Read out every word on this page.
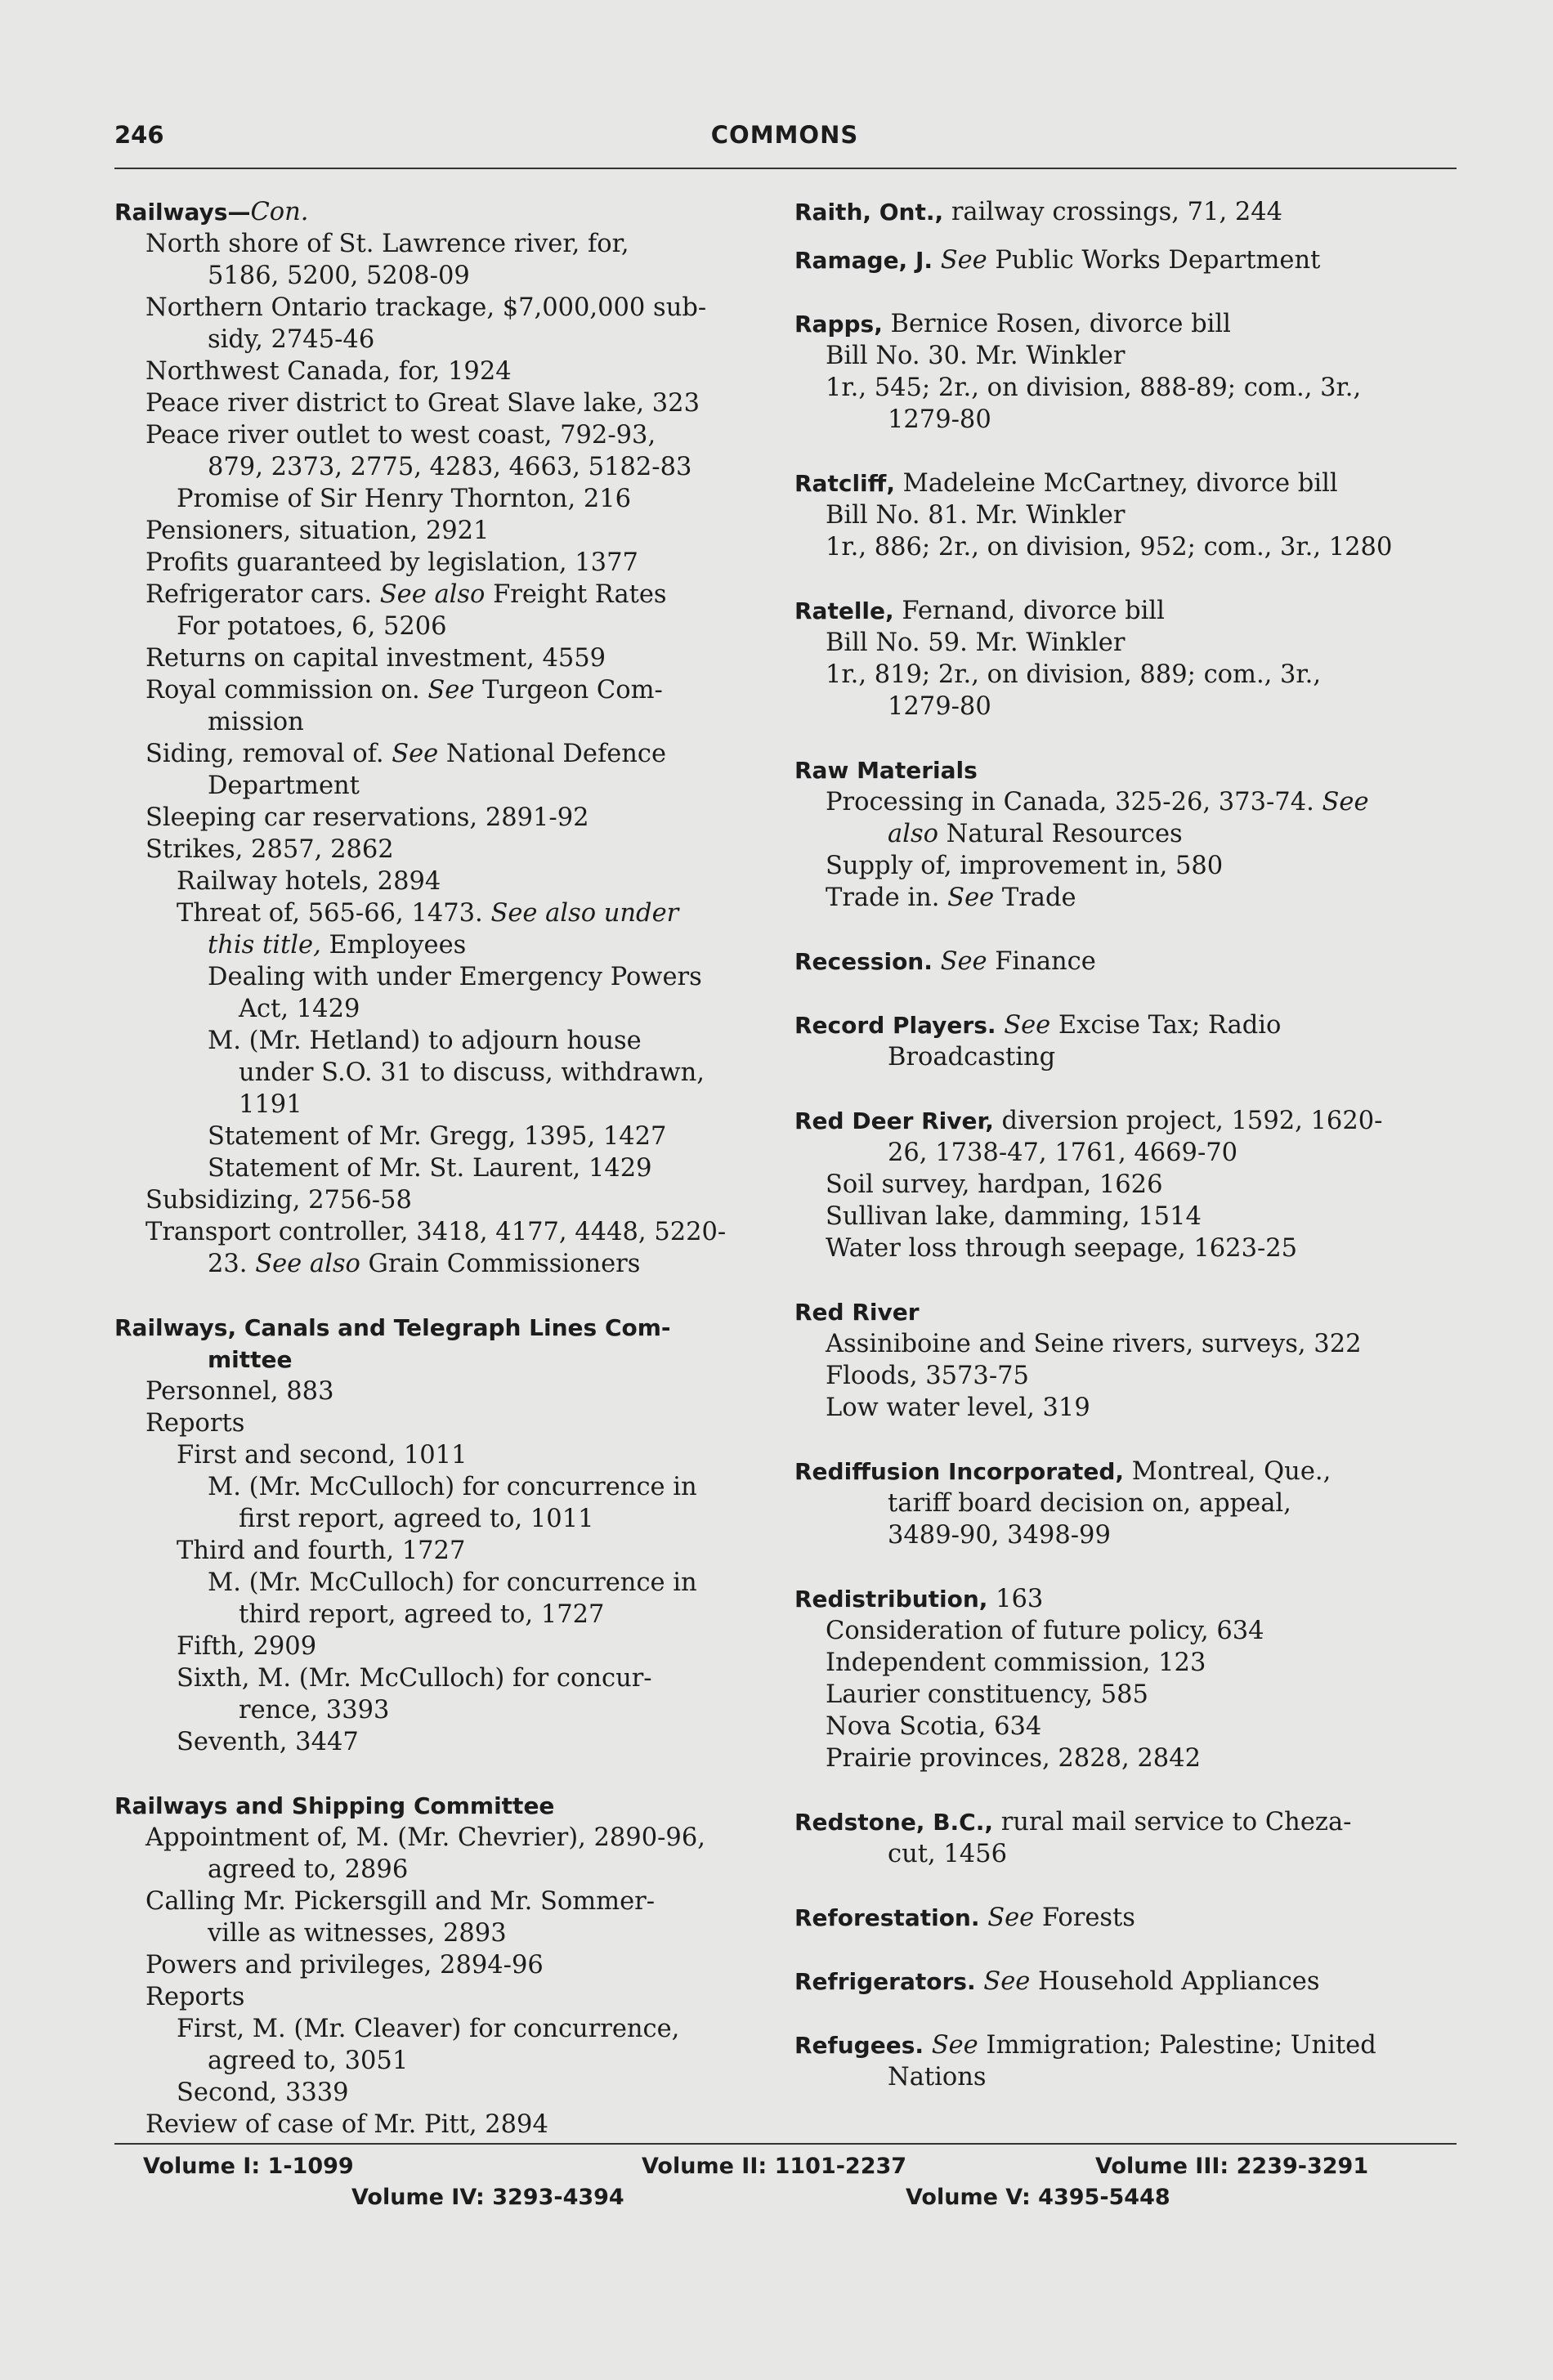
246	COMMONS
Railways—Con.
North shore of St. Lawrence river, for,
5186, 5200, 5208-09
Northern Ontario trackage, $7,000,000 sub-
sidy, 2745-46
Northwest Canada, for, 1924
Peace river district to Great Slave lake, 323
Peace river outlet to west coast, 792-93,
879, 2373, 2775, 4283, 4663, 5182-83
Promise of Sir Henry Thornton, 216
Pensioners, situation, 2921
Profits guaranteed by legislation, 1377
Refrigerator cars. See also Freight Rates
For potatoes, 6, 5206
Returns on capital investment, 4559
Royal commission on. See Turgeon Com-
mission
Siding, removal of. See National Defence
Department
Sleeping car reservations, 2891-92
Strikes, 2857, 2862
Railway hotels, 2894
Threat of, 565-66, 1473. See also under
this title, Employees
Dealing with under Emergency Powers
Act, 1429
M. (Mr. Hetland) to adjourn house
under S.O. 31 to discuss, withdrawn,
1191
Statement of Mr. Gregg, 1395, 1427
Statement of Mr. St. Laurent, 1429
Subsidizing, 2756-58
Transport controller, 3418, 4177, 4448, 5220-
23. See also Grain Commissioners
Railways, Canals and Telegraph Lines Com-
mittee
Personnel, 883
Reports
First and second, 1011
M. (Mr. McCulloch) for concurrence in
first report, agreed to, 1011
Third and fourth, 1727
M. (Mr. McCulloch) for concurrence in
third report, agreed to, 1727
Fifth, 2909
Sixth, M. (Mr. McCulloch) for concur-
rence, 3393
Seventh, 3447
Railways and Shipping Committee
Appointment of, M. (Mr. Chevrier), 2890-96,
agreed to, 2896
Calling Mr. Pickersgill and Mr. Sommer-
ville as witnesses, 2893
Powers and privileges, 2894-96
Reports
First, M. (Mr. Cleaver) for concurrence,
agreed to, 3051
Second, 3339
Review of case of Mr. Pitt, 2894
Raith, Ont., railway crossings, 71, 244
Ramage, J. See Public Works Department
Rapps, Bernice Rosen, divorce bill
Bill No. 30. Mr. Winkler
1r., 545; 2r., on division, 888-89; com., 3r.,
1279-80
Ratcliff, Madeleine McCartney, divorce bill
Bill No. 81. Mr. Winkler
1r., 886; 2r., on division, 952; com., 3r., 1280
Ratelle, Fernand, divorce bill
Bill No. 59. Mr. Winkler
1r., 819; 2r., on division, 889; com., 3r.,
1279-80
Raw Materials
Processing in Canada, 325-26, 373-74. See
also Natural Resources
Supply of, improvement in, 580
Trade in. See Trade
Recession. See Finance
Record Players. See Excise Tax; Radio
Broadcasting
Red Deer River, diversion project, 1592, 1620-
26, 1738-47, 1761, 4669-70
Soil survey, hardpan, 1626
Sullivan lake, damming, 1514
Water loss through seepage, 1623-25
Red River
Assiniboine and Seine rivers, surveys, 322
Floods, 3573-75
Low water level, 319
Rediffusion Incorporated, Montreal, Que.,
tariff board decision on, appeal,
3489-90, 3498-99
Redistribution, 163
Consideration of future policy, 634
Independent commission, 123
Laurier constituency, 585
Nova Scotia, 634
Prairie provinces, 2828, 2842
Redstone, B.C., rural mail service to Cheza-
cut, 1456
Reforestation. See Forests
Refrigerators. See Household Appliances
Refugees. See Immigration; Palestine; United
Nations
Volume I: 1-1099	Volume II: 1101-2237	Volume III: 2239-3291
Volume IV: 3293-4394	Volume V: 4395-5448
